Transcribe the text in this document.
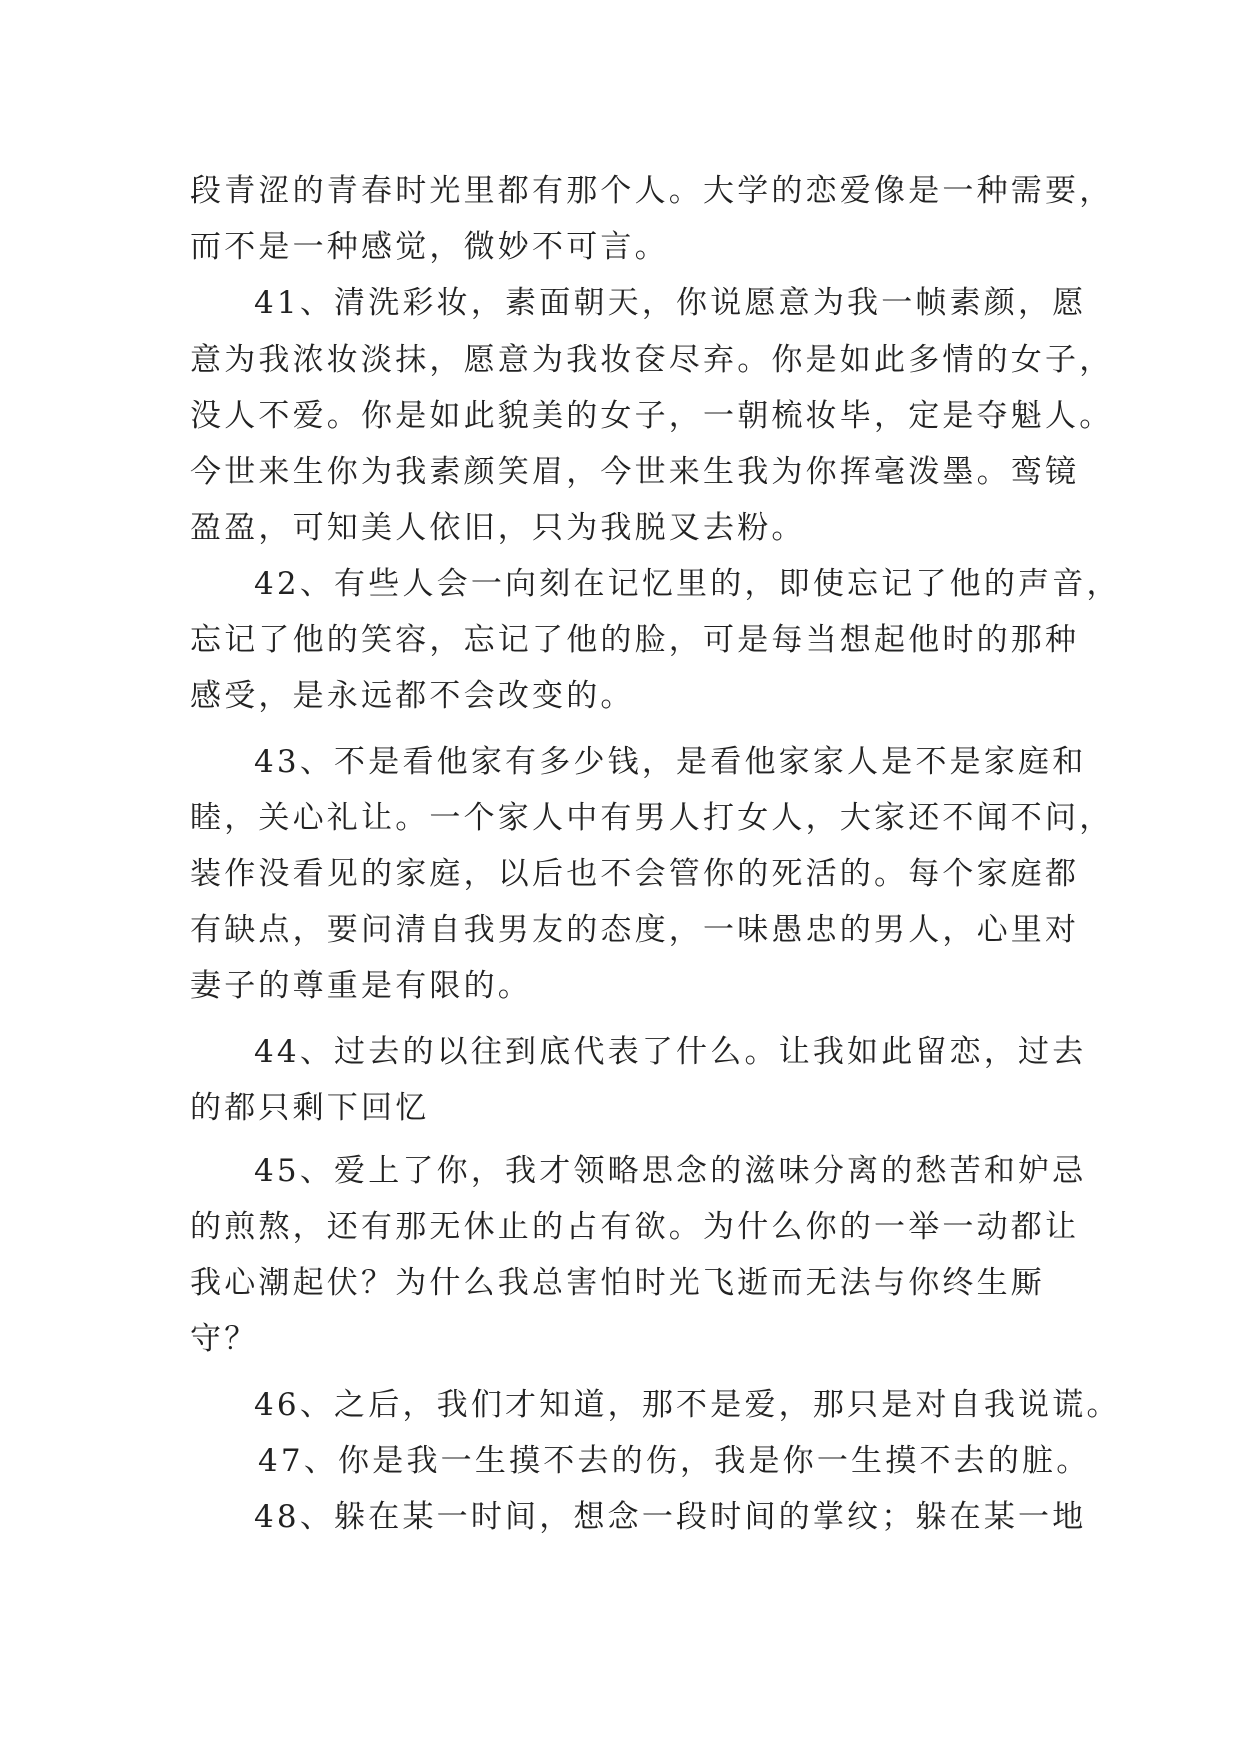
段青涩的青春时光里都有那个人。大学的恋爱像是一种需要，
而不是一种感觉，微妙不可言。
41、清洗彩妆，素面朝天，你说愿意为我一帧素颜，愿
意为我浓妆淡抹，愿意为我妆奁尽弃。你是如此多情的女子，
没人不爱。你是如此貌美的女子，一朝梳妆毕，定是夺魁人。
今世来生你为我素颜笑眉，今世来生我为你挥毫泼墨。鸾镜
盈盈，可知美人依旧，只为我脱叉去粉。
42、有些人会一向刻在记忆里的，即使忘记了他的声音，
忘记了他的笑容，忘记了他的脸，可是每当想起他时的那种
感受，是永远都不会改变的。
43、不是看他家有多少钱，是看他家家人是不是家庭和
睦，关心礼让。一个家人中有男人打女人，大家还不闻不问，
装作没看见的家庭，以后也不会管你的死活的。每个家庭都
有缺点，要问清自我男友的态度，一味愚忠的男人，心里对
妻子的尊重是有限的。
44、过去的以往到底代表了什么。让我如此留恋，过去
的都只剩下回忆
45、爱上了你，我才领略思念的滋味分离的愁苦和妒忌
的煎熬，还有那无休止的占有欲。为什么你的一举一动都让
我心潮起伏？为什么我总害怕时光飞逝而无法与你终生厮
守？
46、之后，我们才知道，那不是爱，那只是对自我说谎。
47、你是我一生摸不去的伤，我是你一生摸不去的脏。
48、躲在某一时间，想念一段时间的掌纹；躲在某一地
